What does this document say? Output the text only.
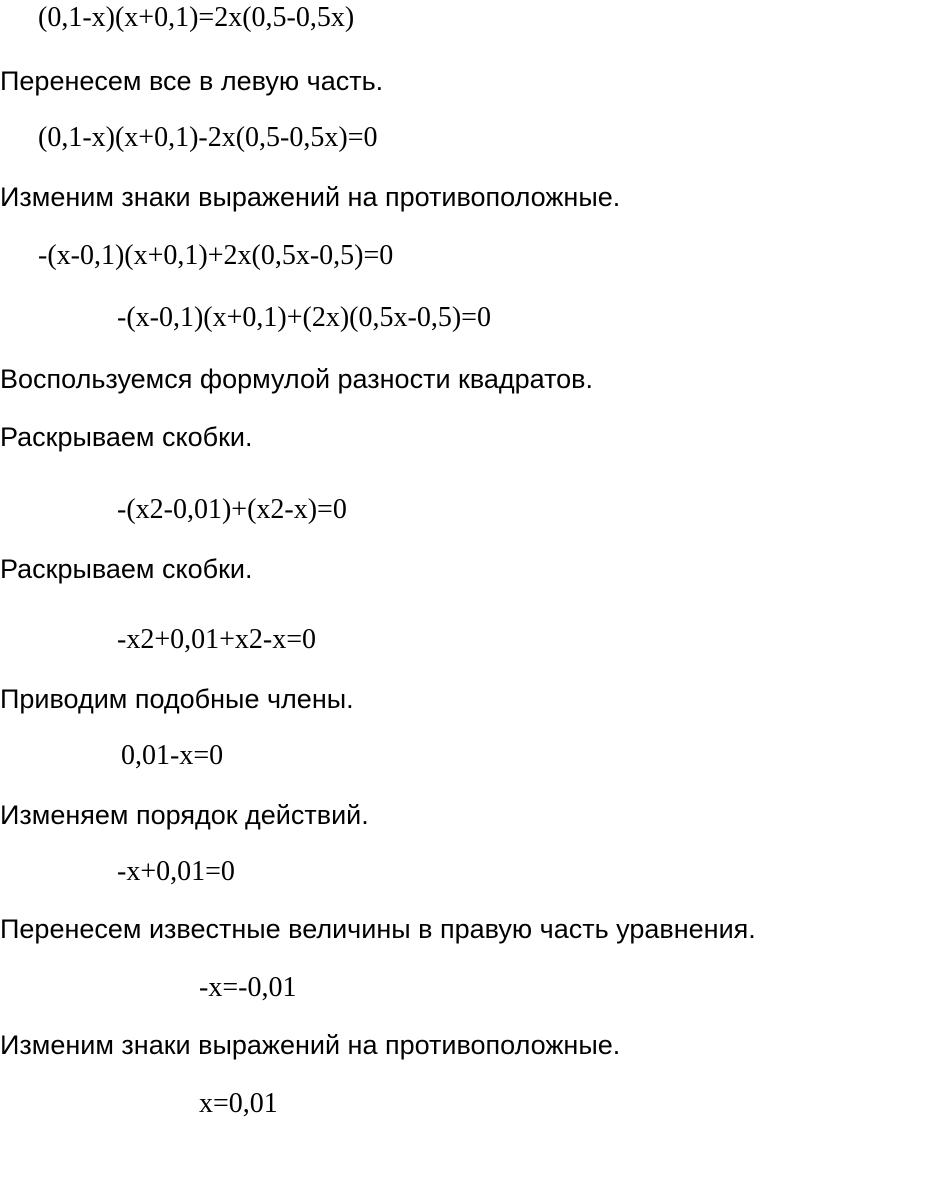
(0,1-x)(x+0,1)=2x(0,5-0,5x)
Перенесем все в левую часть.
(0,1-x)(x+0,1)-2x(0,5-0,5x)=0
Изменим знаки выражений на противоположные.
-(x-0,1)(x+0,1)+2x(0,5x-0,5)=0
-(x-0,1)(x+0,1)+(2x)(0,5x-0,5)=0
Воспользуемся формулой разности квадратов.
Раскрываем скобки.
-(x2-0,01)+(x2-x)=0
Раскрываем скобки.
-x2+0,01+x2-x=0
Приводим подобные члены.
0,01-x=0
Изменяем порядок действий.
-x+0,01=0
Перенесем известные величины в правую часть уравнения.
-x=-0,01
Изменим знаки выражений на противоположные.
x=0,01
